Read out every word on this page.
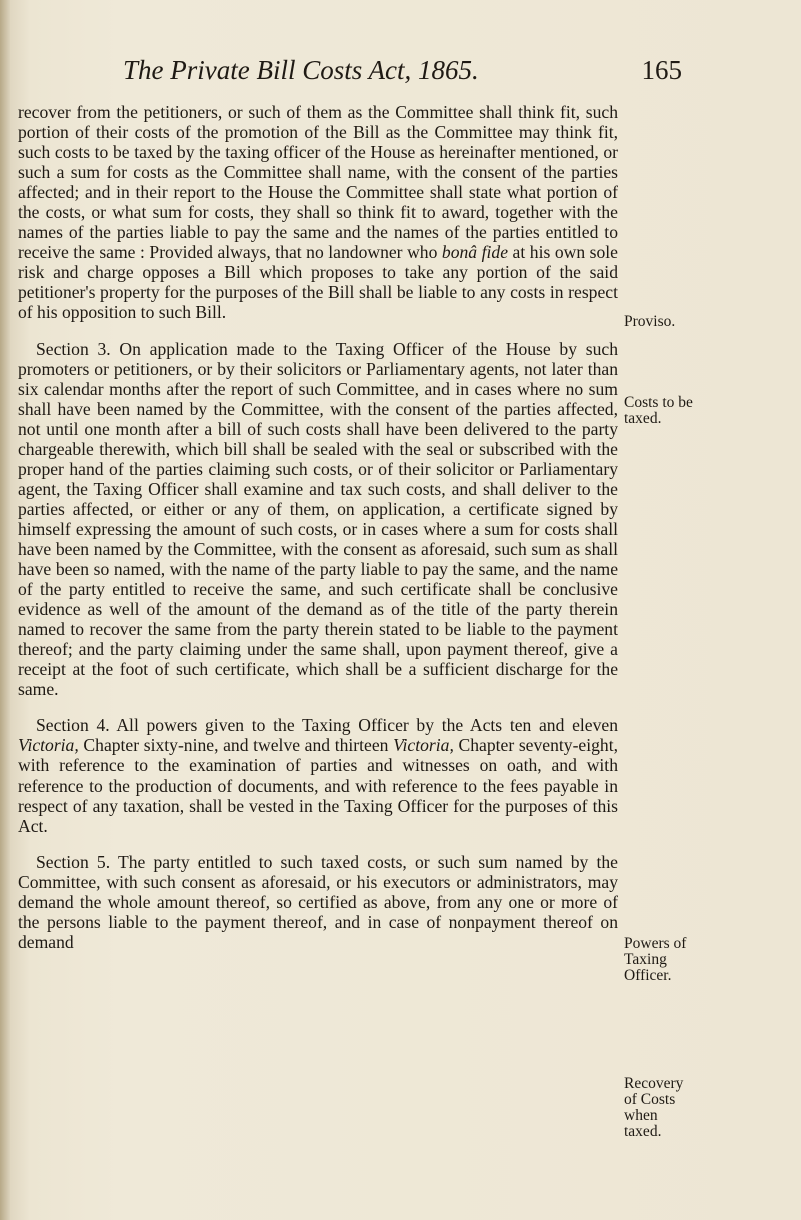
The Private Bill Costs Act, 1865.	165

recover from the petitioners, or such of them as the Committee shall think fit, such portion of their costs of the promotion of the Bill as the Committee may think fit, such costs to be taxed by the taxing officer of the House as hereinafter mentioned, or such a sum for costs as the Committee shall name, with the consent of the parties affected; and in their report to the House the Committee shall state what portion of the costs, or what sum for costs, they shall so think fit to award, together with the names of the parties liable to pay the same and the names of the parties entitled to receive the same : Provided always, that no landowner who bonâ fide at his own sole risk and charge opposes a Bill which proposes to take any portion of the said petitioner's property for the purposes of the Bill shall be liable to any costs in respect of his opposition to such Bill.

Section 3. On application made to the Taxing Officer of the House by such promoters or petitioners, or by their solicitors or Parliamentary agents, not later than six calendar months after the report of such Committee, and in cases where no sum shall have been named by the Committee, with the consent of the parties affected, not until one month after a bill of such costs shall have been delivered to the party chargeable therewith, which bill shall be sealed with the seal or subscribed with the proper hand of the parties claiming such costs, or of their solicitor or Parliamentary agent, the Taxing Officer shall examine and tax such costs, and shall deliver to the parties affected, or either or any of them, on application, a certificate signed by himself expressing the amount of such costs, or in cases where a sum for costs shall have been named by the Committee, with the consent as aforesaid, such sum as shall have been so named, with the name of the party liable to pay the same, and the name of the party entitled to receive the same, and such certificate shall be conclusive evidence as well of the amount of the demand as of the title of the party therein named to recover the same from the party therein stated to be liable to the payment thereof; and the party claiming under the same shall, upon payment thereof, give a receipt at the foot of such certificate, which shall be a sufficient discharge for the same.

Section 4. All powers given to the Taxing Officer by the Acts ten and eleven Victoria, Chapter sixty-nine, and twelve and thirteen Victoria, Chapter seventy-eight, with reference to the examination of parties and witnesses on oath, and with reference to the production of documents, and with reference to the fees payable in respect of any taxation, shall be vested in the Taxing Officer for the purposes of this Act.

Section 5. The party entitled to such taxed costs, or such sum named by the Committee, with such consent as aforesaid, or his executors or administrators, may demand the whole amount thereof, so certified as above, from any one or more of the persons liable to the payment thereof, and in case of nonpayment thereof on demand

Proviso.
Costs to be
taxed.
Powers of
Taxing
Officer.
Recovery
of Costs
when
taxed.
